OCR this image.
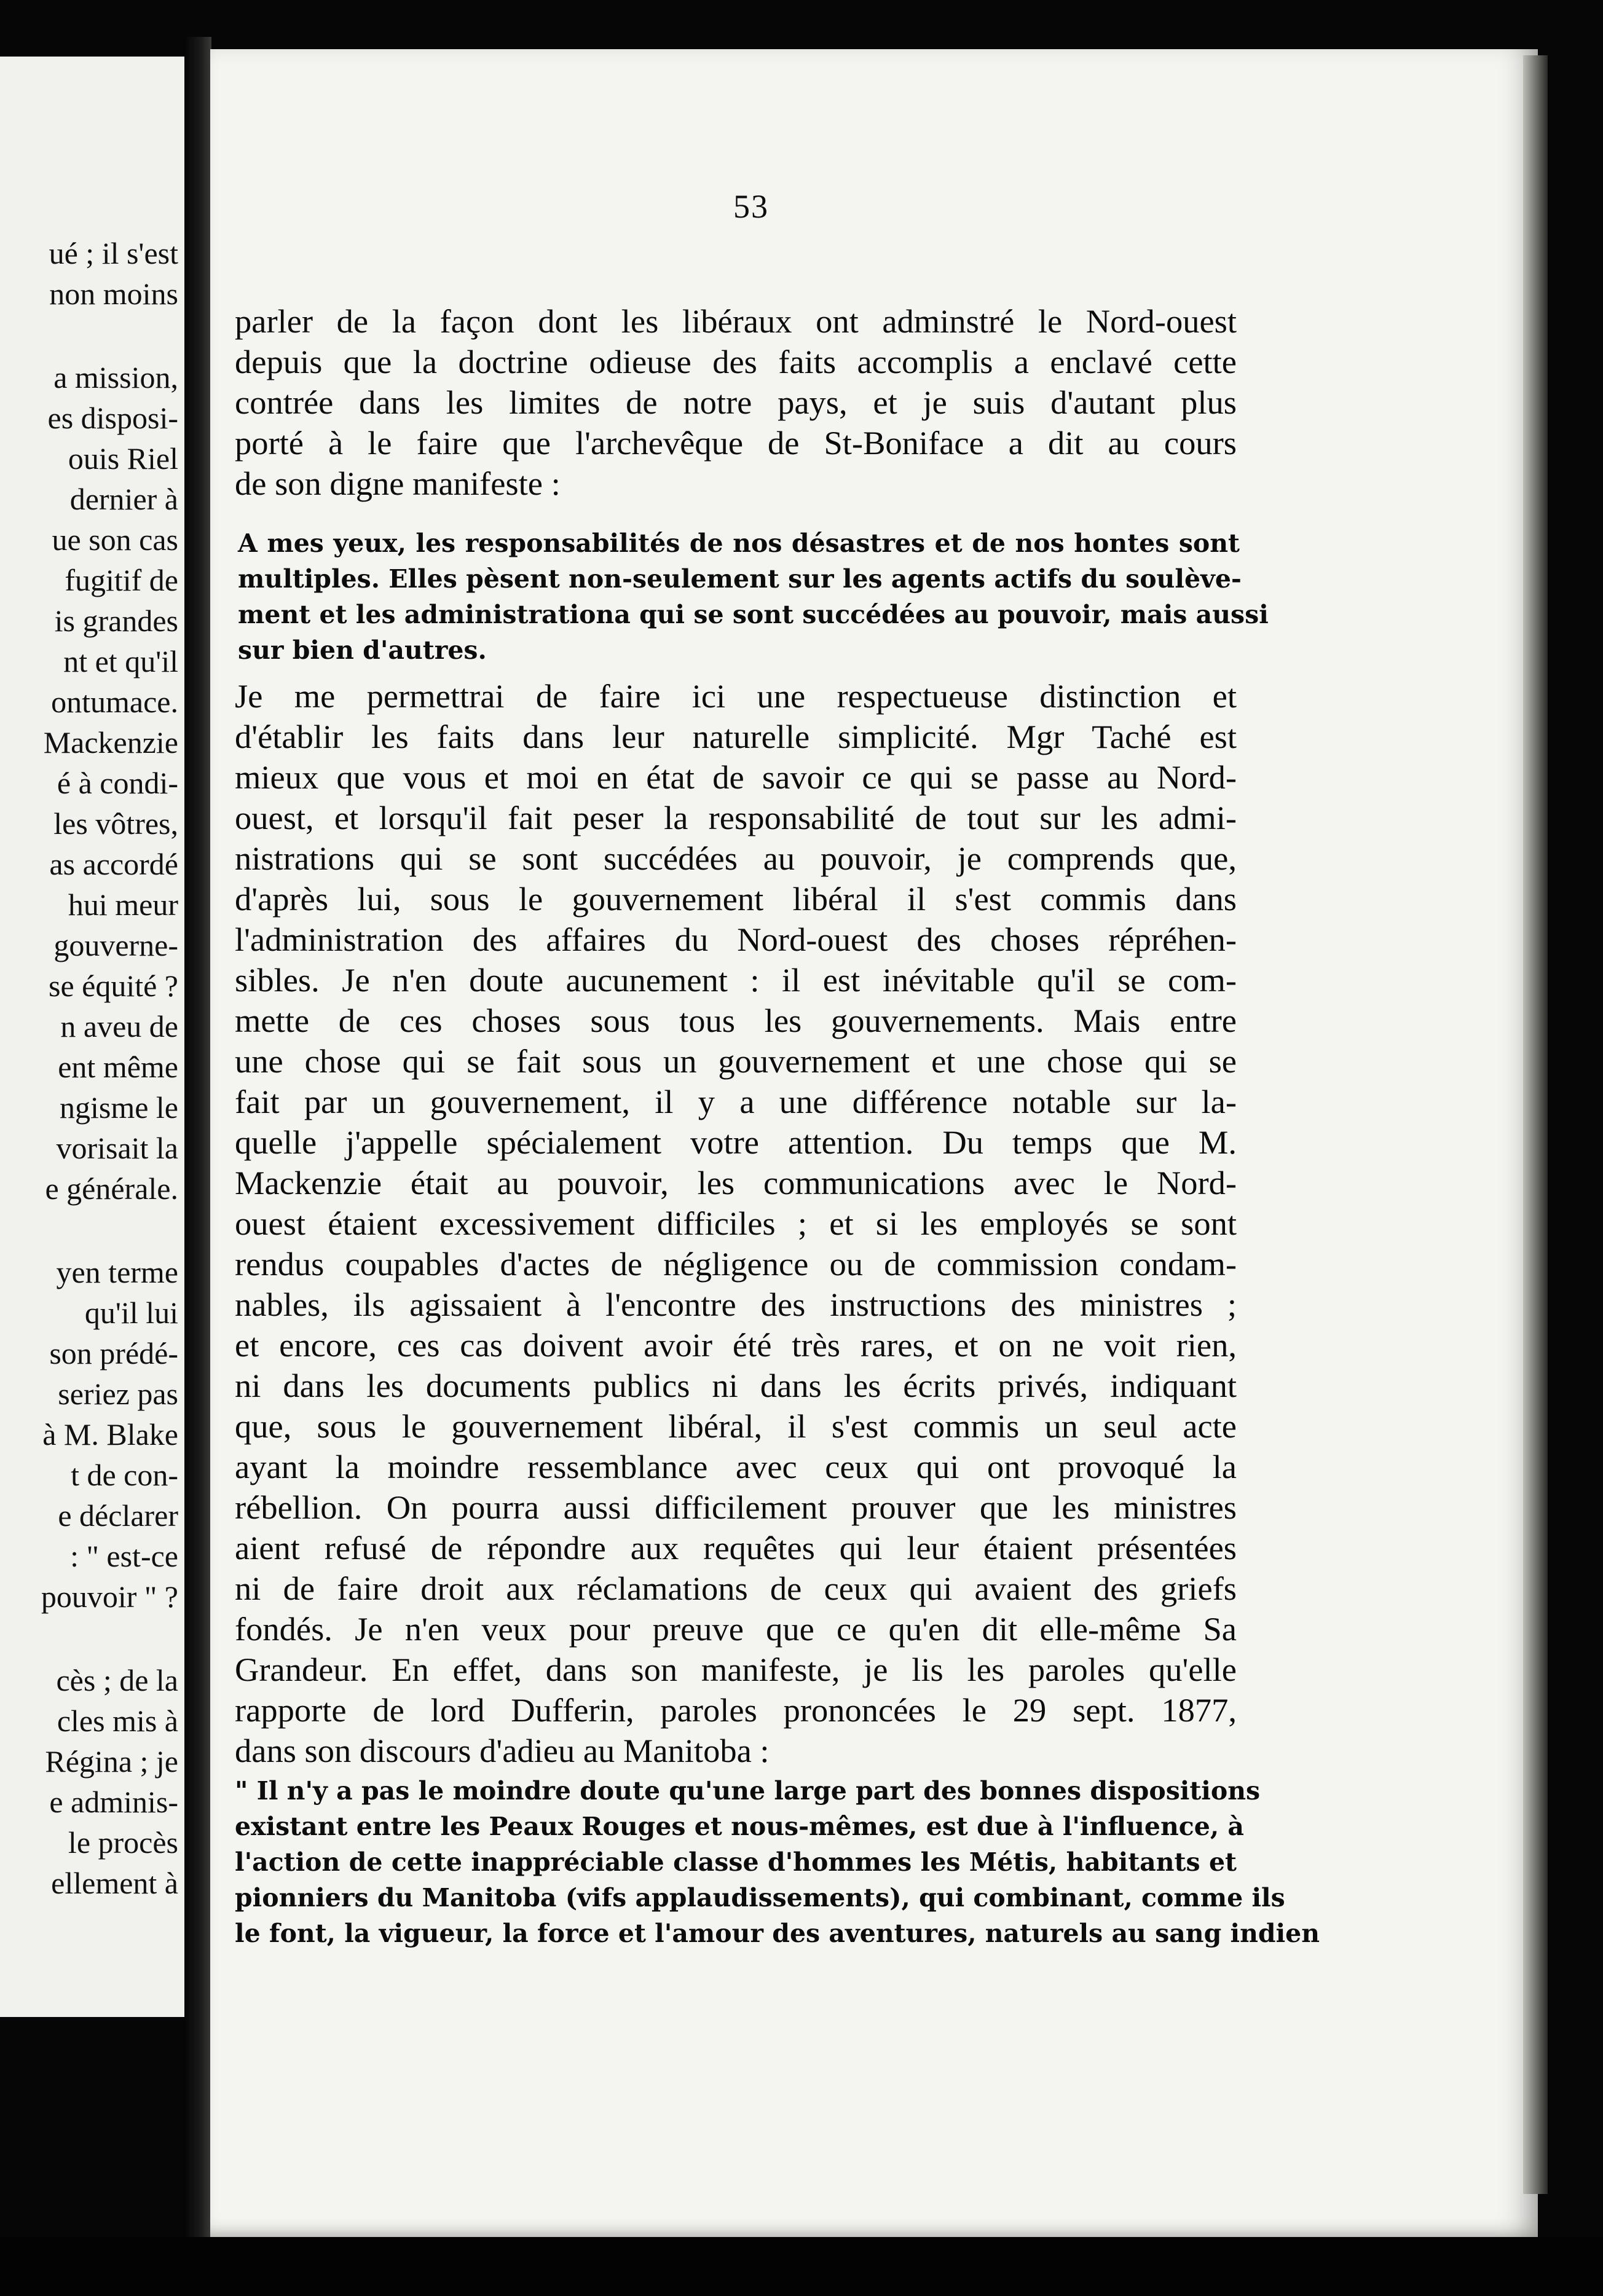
ué ; il s'est
non moins
a mission,
es disposi-
ouis Riel
dernier à
ue son cas
fugitif de
is grandes
nt et qu'il
ontumace.
Mackenzie
é à condi-
les vôtres,
as accordé
hui meur
gouverne-
se équité ?
n aveu de
ent même
ngisme le
vorisait la
e générale.
yen terme
qu'il lui
son prédé-
seriez pas
à M. Blake
t de con-
e déclarer
: " est-ce
pouvoir " ?
cès ; de la
cles mis à
Régina ; je
e adminis-
le procès
ellement à
53
parler de la façon dont les libéraux ont adminstré le Nord-ouest
depuis que la doctrine odieuse des faits accomplis a enclavé cette
contrée dans les limites de notre pays, et je suis d'autant plus
porté à le faire que l'archevêque de St-Boniface a dit au cours
de son digne manifeste :
A mes yeux, les responsabilités de nos désastres et de nos hontes sont
multiples. Elles pèsent non-seulement sur les agents actifs du soulève-
ment et les administrationa qui se sont succédées au pouvoir, mais aussi
sur bien d'autres.
Je me permettrai de faire ici une respectueuse distinction et
d'établir les faits dans leur naturelle simplicité. Mgr Taché est
mieux que vous et moi en état de savoir ce qui se passe au Nord-
ouest, et lorsqu'il fait peser la responsabilité de tout sur les admi-
nistrations qui se sont succédées au pouvoir, je comprends que,
d'après lui, sous le gouvernement libéral il s'est commis dans
l'administration des affaires du Nord-ouest des choses répréhen-
sibles. Je n'en doute aucunement : il est inévitable qu'il se com-
mette de ces choses sous tous les gouvernements. Mais entre
une chose qui se fait sous un gouvernement et une chose qui se
fait par un gouvernement, il y a une différence notable sur la-
quelle j'appelle spécialement votre attention. Du temps que M.
Mackenzie était au pouvoir, les communications avec le Nord-
ouest étaient excessivement difficiles ; et si les employés se sont
rendus coupables d'actes de négligence ou de commission condam-
nables, ils agissaient à l'encontre des instructions des ministres ;
et encore, ces cas doivent avoir été très rares, et on ne voit rien,
ni dans les documents publics ni dans les écrits privés, indiquant
que, sous le gouvernement libéral, il s'est commis un seul acte
ayant la moindre ressemblance avec ceux qui ont provoqué la
rébellion. On pourra aussi difficilement prouver que les ministres
aient refusé de répondre aux requêtes qui leur étaient présentées
ni de faire droit aux réclamations de ceux qui avaient des griefs
fondés. Je n'en veux pour preuve que ce qu'en dit elle-même Sa
Grandeur. En effet, dans son manifeste, je lis les paroles qu'elle
rapporte de lord Dufferin, paroles prononcées le 29 sept. 1877,
dans son discours d'adieu au Manitoba :
" Il n'y a pas le moindre doute qu'une large part des bonnes dispositions
existant entre les Peaux Rouges et nous-mêmes, est due à l'influence, à
l'action de cette inappréciable classe d'hommes les Métis, habitants et
pionniers du Manitoba (vifs applaudissements), qui combinant, comme ils
le font, la vigueur, la force et l'amour des aventures, naturels au sang indien
